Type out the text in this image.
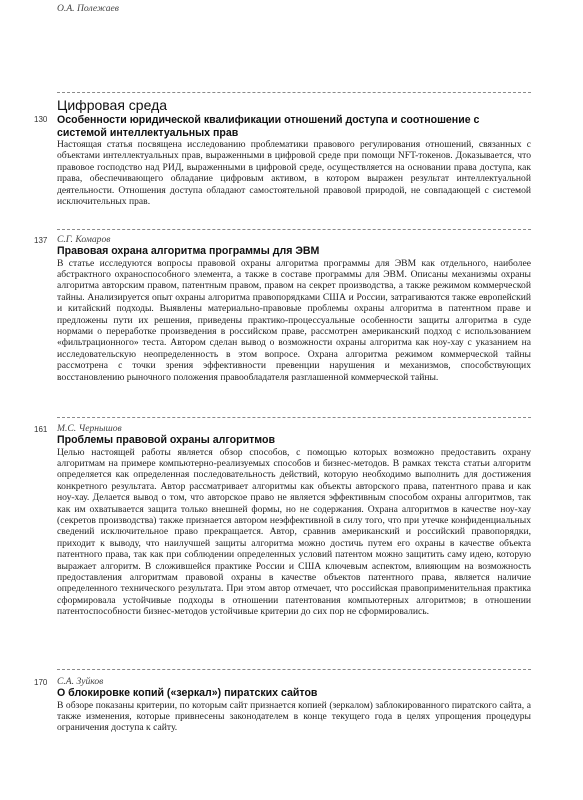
О.А. Полежаев
Цифровая среда
130 Особенности юридической квалификации отношений доступа и соотношение с системой интеллектуальных прав
Настоящая статья посвящена исследованию проблематики правового регулирования отношений, связанных с объектами интеллектуальных прав, выраженными в цифровой среде при помощи NFT-токенов. Доказывается, что правовое господство над РИД, выраженными в цифровой среде, осуществляется на основании права доступа, как права, обеспечивающего обладание цифровым активом, в котором выражен результат интеллектуальной деятельности. Отношения доступа обладают самостоятельной правовой природой, не совпадающей с системой исключительных прав.
137 С.Г. Комаров
Правовая охрана алгоритма программы для ЭВМ
В статье исследуются вопросы правовой охраны алгоритма программы для ЭВМ как отдельного, наиболее абстрактного охраноспособного элемента, а также в составе программы для ЭВМ. Описаны механизмы охраны алгоритма авторским правом, патентным правом, правом на секрет производства, а также режимом коммерческой тайны. Анализируется опыт охраны алгоритма правопорядками США и России, затрагиваются также европейский и китайский подходы. Выявлены материально-правовые проблемы охраны алгоритма в патентном праве и предложены пути их решения, приведены практико-процессуальные особенности защиты алгоритма в суде нормами о переработке произведения в российском праве, рассмотрен американский подход с использованием «фильтрационного» теста. Автором сделан вывод о возможности охраны алгоритма как ноу-хау с указанием на исследовательскую неопределенность в этом вопросе. Охрана алгоритма режимом коммерческой тайны рассмотрена с точки зрения эффективности превенции нарушения и механизмов, способствующих восстановлению рыночного положения правообладателя разглашенной коммерческой тайны.
161 М.С. Чернышов
Проблемы правовой охраны алгоритмов
Целью настоящей работы является обзор способов, с помощью которых возможно предоставить охрану алгоритмам на примере компьютерно-реализуемых способов и бизнес-методов. В рамках текста статьи алгоритм определяется как определенная последовательность действий, которую необходимо выполнить для достижения конкретного результата. Автор рассматривает алгоритмы как объекты авторского права, патентного права и как ноу-хау. Делается вывод о том, что авторское право не является эффективным способом охраны алгоритмов, так как им охватывается защита только внешней формы, но не содержания. Охрана алгоритмов в качестве ноу-хау (секретов производства) также признается автором неэффективной в силу того, что при утечке конфиденциальных сведений исключительное право прекращается. Автор, сравнив американский и российский правопорядки, приходит к выводу, что наилучшей защиты алгоритма можно достичь путем его охраны в качестве объекта патентного права, так как при соблюдении определенных условий патентом можно защитить саму идею, которую выражает алгоритм. В сложившейся практике России и США ключевым аспектом, влияющим на возможность предоставления алгоритмам правовой охраны в качестве объектов патентного права, является наличие определенного технического результата. При этом автор отмечает, что российская правоприменительная практика сформировала устойчивые подходы в отношении патентования компьютерных алгоритмов; в отношении патентоспособности бизнес-методов устойчивые критерии до сих пор не сформировались.
170 С.А. Зуйков
О блокировке копий («зеркал») пиратских сайтов
В обзоре показаны критерии, по которым сайт признается копией (зеркалом) заблокированного пиратского сайта, а также изменения, которые привнесены законодателем в конце текущего года в целях упрощения процедуры ограничения доступа к сайту.
